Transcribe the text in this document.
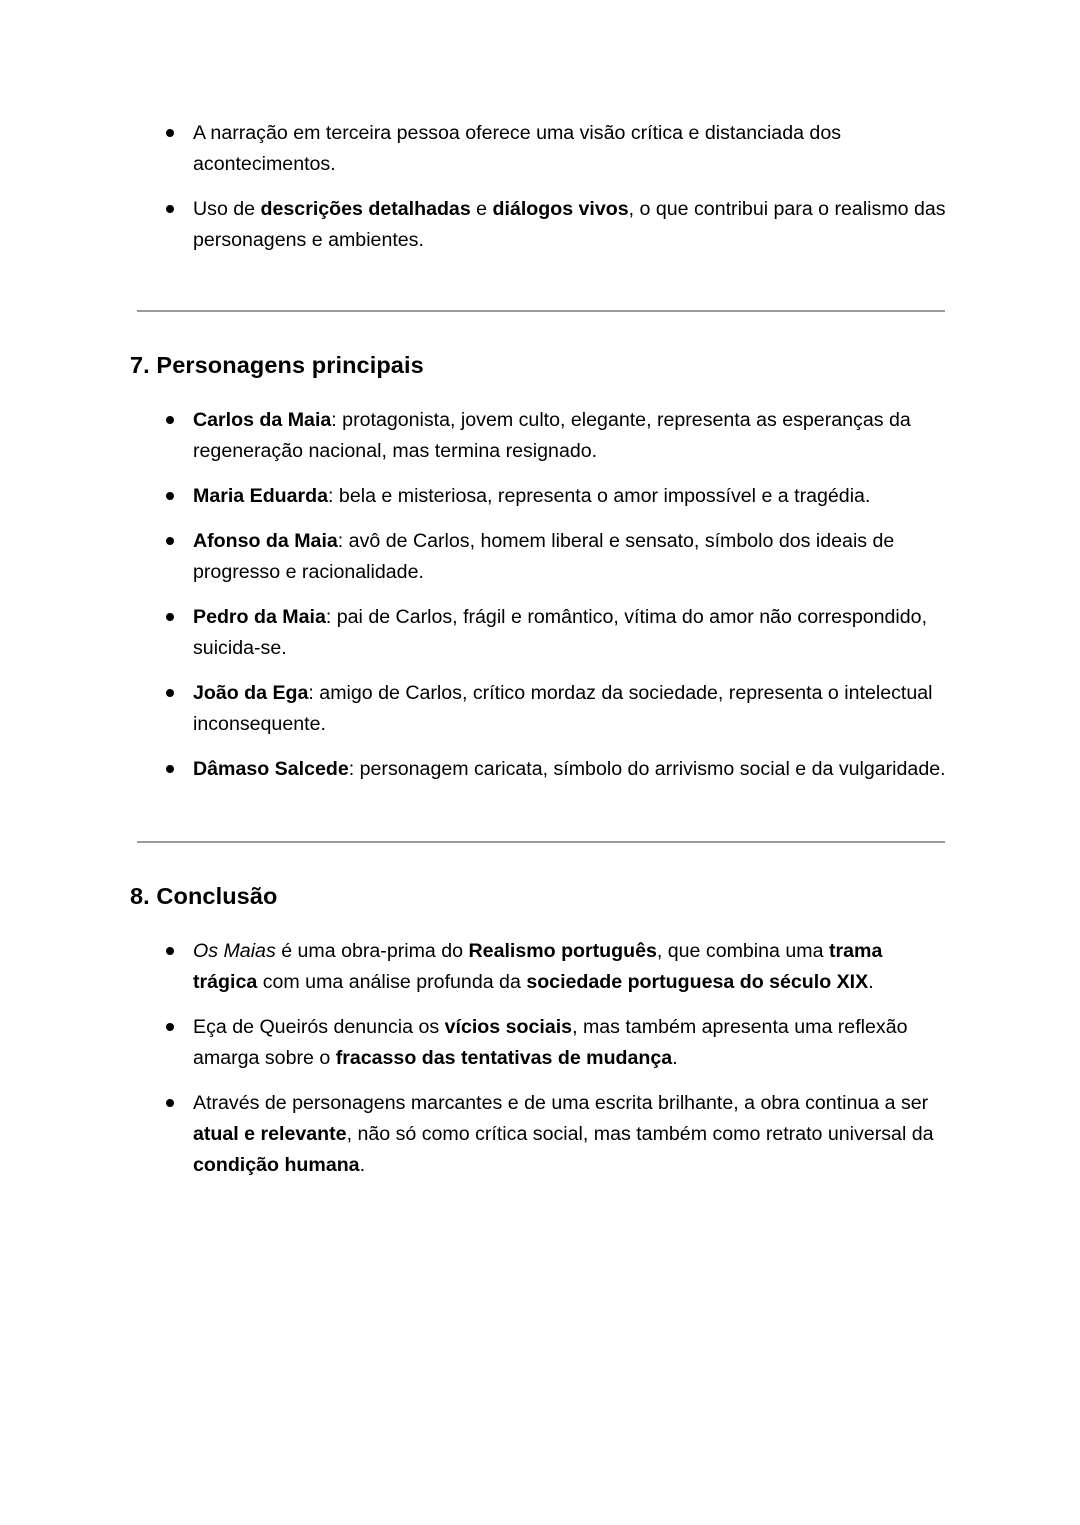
A narração em terceira pessoa oferece uma visão crítica e distanciada dos acontecimentos.
Uso de descrições detalhadas e diálogos vivos, o que contribui para o realismo das personagens e ambientes.
7. Personagens principais
Carlos da Maia: protagonista, jovem culto, elegante, representa as esperanças da regeneração nacional, mas termina resignado.
Maria Eduarda: bela e misteriosa, representa o amor impossível e a tragédia.
Afonso da Maia: avô de Carlos, homem liberal e sensato, símbolo dos ideais de progresso e racionalidade.
Pedro da Maia: pai de Carlos, frágil e romântico, vítima do amor não correspondido, suicida-se.
João da Ega: amigo de Carlos, crítico mordaz da sociedade, representa o intelectual inconsequente.
Dâmaso Salcede: personagem caricata, símbolo do arrivismo social e da vulgaridade.
8. Conclusão
Os Maias é uma obra-prima do Realismo português, que combina uma trama trágica com uma análise profunda da sociedade portuguesa do século XIX.
Eça de Queirós denuncia os vícios sociais, mas também apresenta uma reflexão amarga sobre o fracasso das tentativas de mudança.
Através de personagens marcantes e de uma escrita brilhante, a obra continua a ser atual e relevante, não só como crítica social, mas também como retrato universal da condição humana.
